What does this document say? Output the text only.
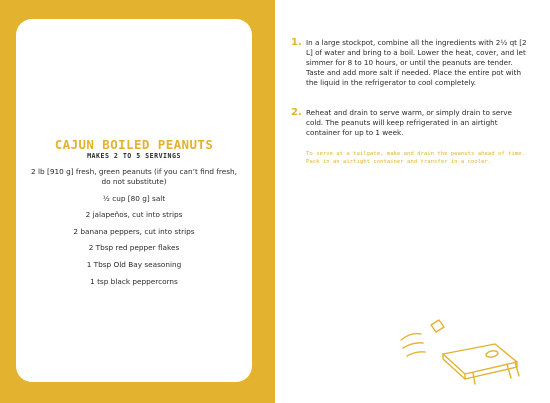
CAJUN BOILED PEANUTS
MAKES 2 TO 5 SERVINGS
2 lb [910 g] fresh, green peanuts (if you can’t find fresh, do not substitute)
½ cup [80 g] salt
2 jalapeños, cut into strips
2 banana peppers, cut into strips
2 Tbsp red pepper flakes
1 Tbsp Old Bay seasoning
1 tsp black peppercorns
1. In a large stockpot, combine all the ingredients with 2½ qt [2 L] of water and bring to a boil. Lower the heat, cover, and let simmer for 8 to 10 hours, or until the peanuts are tender. Taste and add more salt if needed. Place the entire pot with the liquid in the refrigerator to cool completely.

2. Reheat and drain to serve warm, or simply drain to serve cold. The peanuts will keep refrigerated in an airtight container for up to 1 week.

To serve at a tailgate, make and drain the peanuts ahead of time. Pack in an airtight container and transfer in a cooler.
